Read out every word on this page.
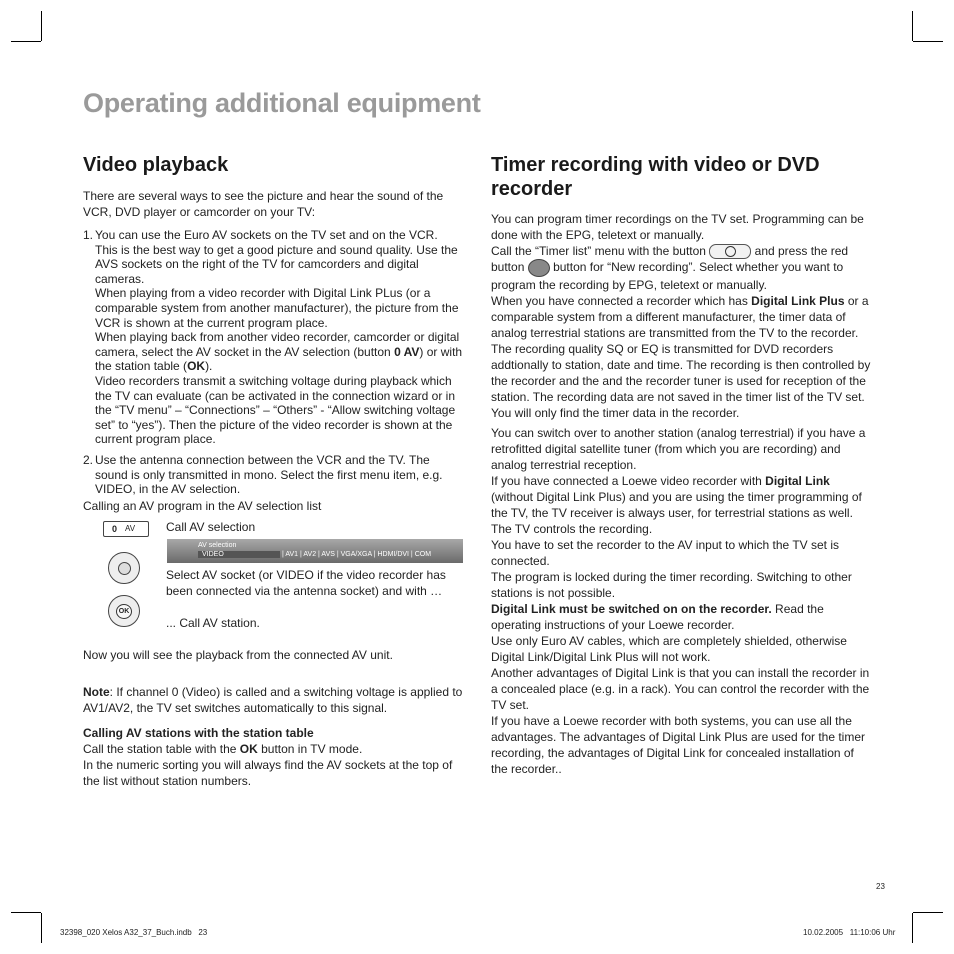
Operating additional equipment
Video playback

There are several ways to see the picture and hear the sound of the VCR, DVD player or camcorder on your TV:

1. You can use the Euro AV sockets on the TV set and on the VCR. This is the best way to get a good picture and sound quality. Use the AVS sockets on the right of the TV for camcorders and digital cameras.
When playing from a video recorder with Digital Link PLus (or a comparable system from another manufacturer), the picture from the VCR is shown at the current program place.
When playing back from another video recorder, camcorder or digital camera, select the AV socket in the AV selection (button 0 AV) or with the station table (OK).
Video recorders transmit a switching voltage during playback which the TV can evaluate (can be activated in the connection wizard or in the “TV menu” – “Connections” – “Others” - “Allow switching voltage set” to “yes”). Then the picture of the video recorder is shown at the current program place.
2. Use the antenna connection between the VCR and the TV. The sound is only transmitted in mono. Select the first menu item, e.g. VIDEO, in the AV selection.

Calling an AV program in the AV selection list

0 AV	Call AV selection
AV selection
VIDEO	| AV1 | AV2 | AVS | VGA/XGA | HDMI/DVI | COM
Select AV socket (or VIDEO if the video recorder has been connected via the antenna socket) and with …
OK
... Call AV station.
Now you will see the playback from the connected AV unit.
Note: If channel 0 (Video) is called and a switching voltage is applied to AV1/AV2, the TV set switches automatically to this signal.
Calling AV stations with the station table
Call the station table with the OK button in TV mode.
In the numeric sorting you will always find the AV sockets at the top of the list without station numbers.
Timer recording with video or DVD recorder

You can program timer recordings on the TV set. Programming can be done with the EPG, teletext or manually.

Call the “Timer list” menu with the button	and press the red button button for “New recording”. Select whether you want to program the recording by EPG, teletext or manually.

When you have connected a recorder which has Digital Link Plus or a comparable system from a different manufacturer, the timer data of analog terrestrial stations are transmitted from the TV to the recorder. The recording quality SQ or EQ is transmitted for DVD recorders addtionally to station, date and time. The recording is then controlled by the recorder and the and the recorder tuner is used for reception of the station. The recording data are not saved in the timer list of the TV set. You will only find the timer data in the recorder.

You can switch over to another station (analog terrestrial) if you have a retrofitted digital satellite tuner (from which you are recording) and analog terrestrial reception.

If you have connected a Loewe video recorder with Digital Link (without Digital Link Plus) and you are using the timer programming of the TV, the TV receiver is always user, for terrestrial stations as well. The TV controls the recording.

You have to set the recorder to the AV input to which the TV set is connected.

The program is locked during the timer recording. Switching to other stations is not possible.

Digital Link must be switched on on the recorder. Read the operating instructions of your Loewe recorder.

Use only Euro AV cables, which are completely shielded, otherwise Digital Link/Digital Link Plus will not work.

Another advantages of Digital Link is that you can install the recorder in a concealed place (e.g. in a rack). You can control the recorder with the TV set.

If you have a Loewe recorder with both systems, you can use all the advantages. The advantages of Digital Link Plus are used for the timer recording, the advantages of Digital Link for concealed installation of the recorder..

23
32398_020 Xelos A32_37_Buch.indb   23	10.02.2005   11:10:06 Uhr
